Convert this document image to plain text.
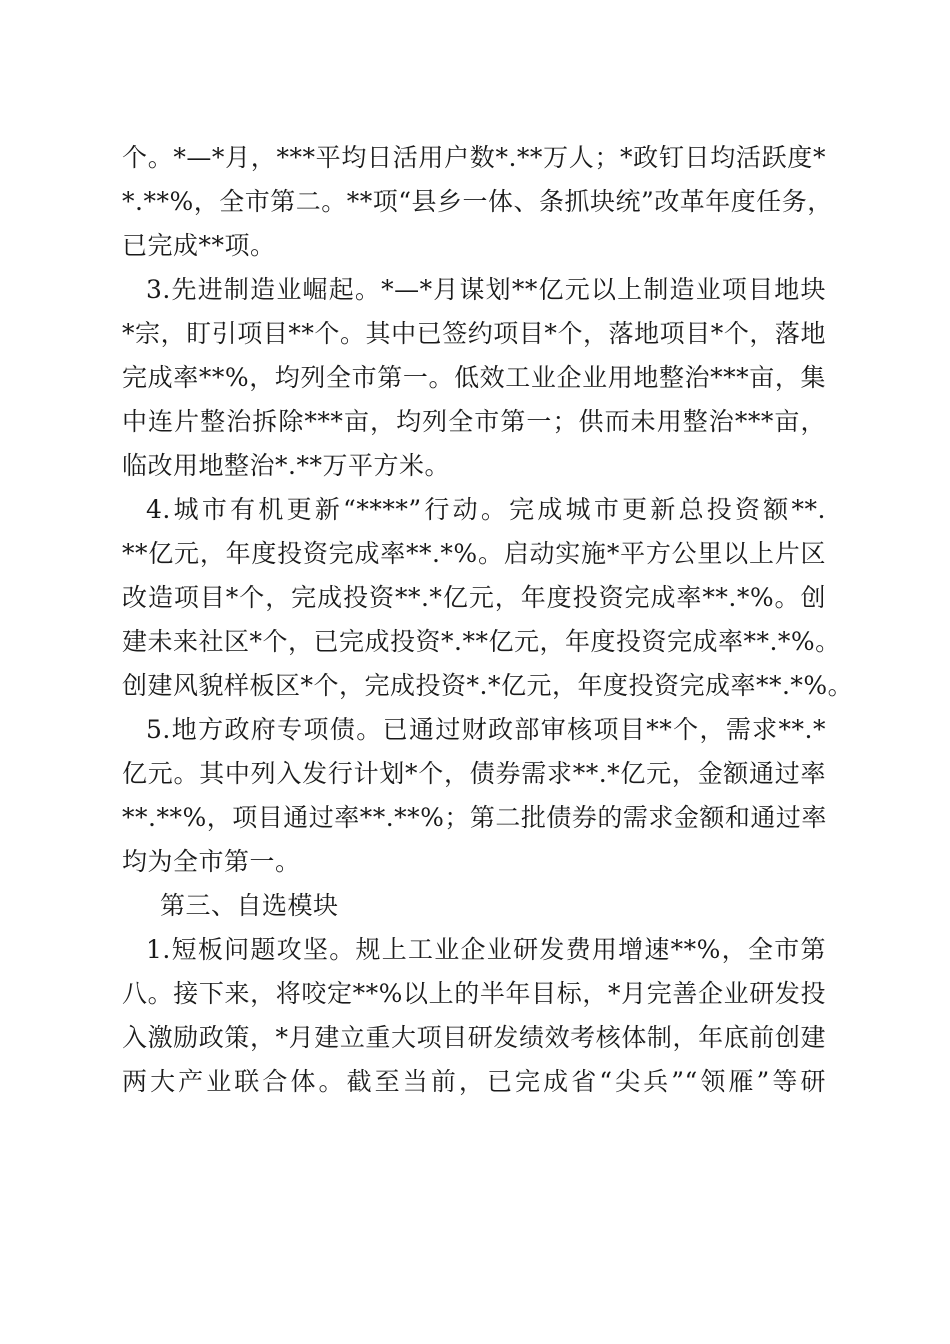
个。*—*月，***平均日活用户数*.**万人；*政钉日均活跃度*
*.**%，全市第二。**项“县乡一体、条抓块统”改革年度任务，
已完成**项。
3.先进制造业崛起。*—*月谋划**亿元以上制造业项目地块
*宗，盯引项目**个。其中已签约项目*个，落地项目*个，落地
完成率**%，均列全市第一。低效工业企业用地整治***亩，集
中连片整治拆除***亩，均列全市第一；供而未用整治***亩，
临改用地整治*.**万平方米。
4.城市有机更新“****”行动。完成城市更新总投资额**.
**亿元，年度投资完成率**.*%。启动实施*平方公里以上片区
改造项目*个，完成投资**.*亿元，年度投资完成率**.*%。创
建未来社区*个，已完成投资*.**亿元，年度投资完成率**.*%。
创建风貌样板区*个，完成投资*.*亿元，年度投资完成率**.*%。
5.地方政府专项债。已通过财政部审核项目**个，需求**.*
亿元。其中列入发行计划*个，债券需求**.*亿元，金额通过率
**.**%，项目通过率**.**%；第二批债券的需求金额和通过率
均为全市第一。
第三、自选模块
1.短板问题攻坚。规上工业企业研发费用增速**%，全市第
八。接下来，将咬定**%以上的半年目标，*月完善企业研发投
入激励政策，*月建立重大项目研发绩效考核体制，年底前创建
两大产业联合体。截至当前，已完成省“尖兵”“领雁”等研
